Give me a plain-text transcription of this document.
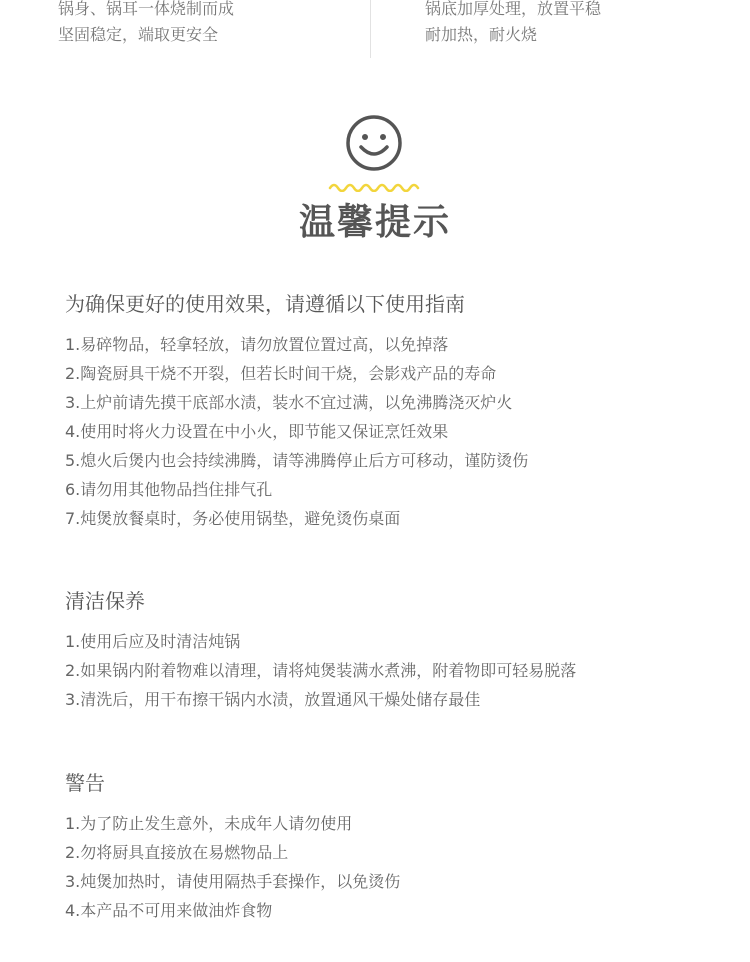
锅身、锅耳一体烧制而成
坚固稳定，端取更安全
锅底加厚处理，放置平稳
耐加热，耐火烧
温馨提示
为确保更好的使用效果，请遵循以下使用指南
1.易碎物品，轻拿轻放，请勿放置位置过高，以免掉落
2.陶瓷厨具干烧不开裂，但若长时间干烧，会影戏产品的寿命
3.上炉前请先摸干底部水渍，装水不宜过满，以免沸腾浇灭炉火
4.使用时将火力设置在中小火，即节能又保证烹饪效果
5.熄火后煲内也会持续沸腾，请等沸腾停止后方可移动，谨防烫伤
6.请勿用其他物品挡住排气孔
7.炖煲放餐桌时，务必使用锅垫，避免烫伤桌面
清洁保养
1.使用后应及时清洁炖锅
2.如果锅内附着物难以清理，请将炖煲装满水煮沸，附着物即可轻易脱落
3.清洗后，用干布擦干锅内水渍，放置通风干燥处储存最佳
警告
1.为了防止发生意外，未成年人请勿使用
2.勿将厨具直接放在易燃物品上
3.炖煲加热时，请使用隔热手套操作，以免烫伤
4.本产品不可用来做油炸食物
